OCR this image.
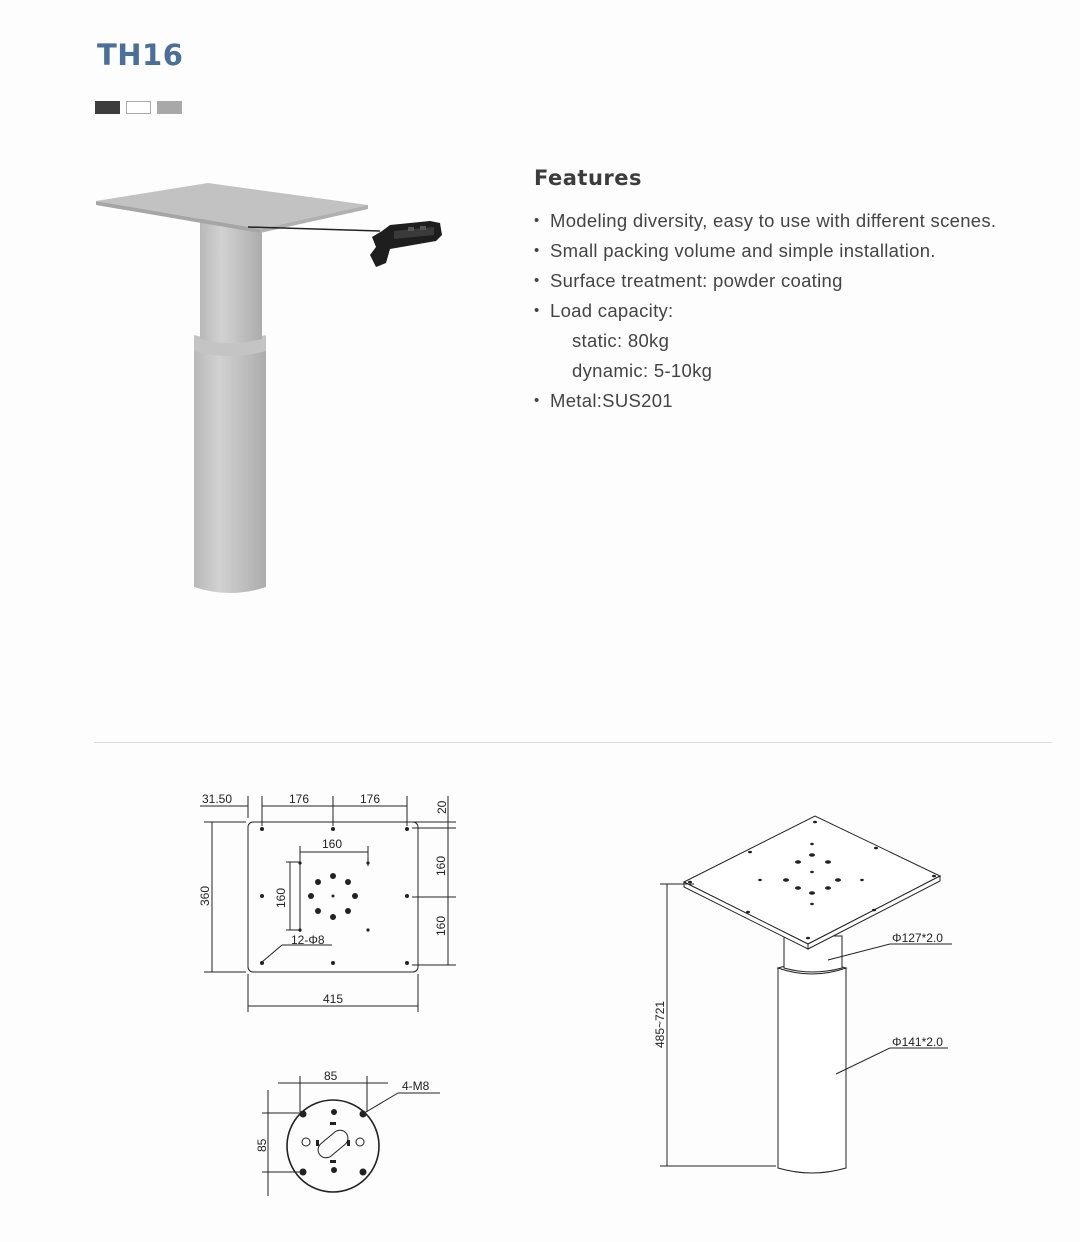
TH16
Features
• Modeling diversity, easy to use with different scenes.
• Small packing volume and simple installation.
• Surface treatment: powder coating
• Load capacity:
static: 80kg
dynamic: 5-10kg
• Metal:SUS201
31.50	176	176
20
360
160
160
160
160
12-Φ8
415
85
85
4-M8
Φ127*2.0
Φ141*2.0
485~721
